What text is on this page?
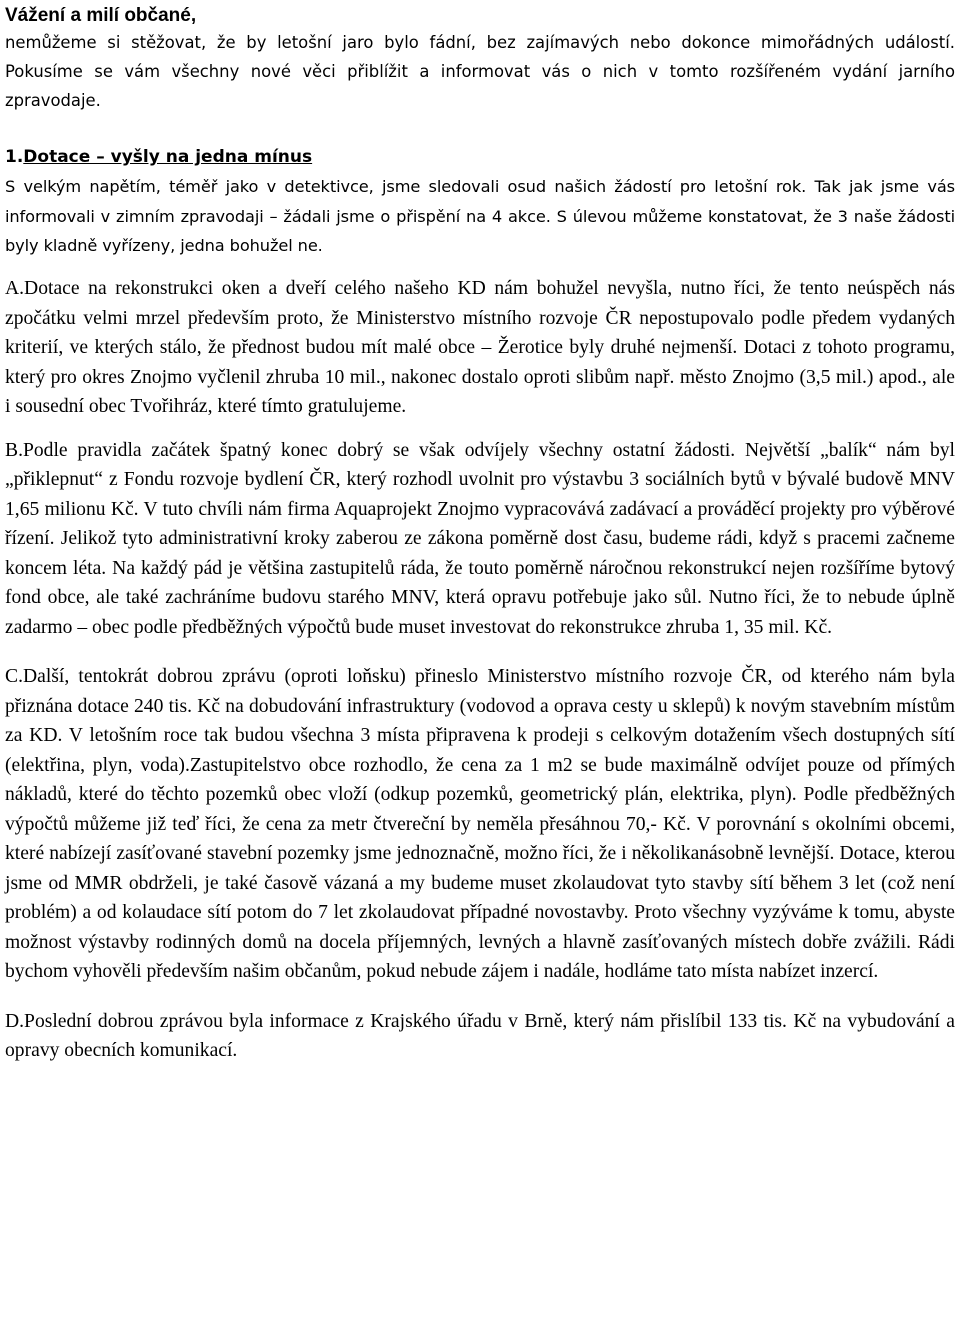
Vážení a milí občané,

nemůžeme si stěžovat, že by letošní jaro bylo fádní, bez zajímavých nebo dokonce mimořádných událostí. Pokusíme se vám všechny nové věci přiblížit a informovat vás o nich v tomto rozšířeném vydání jarního zpravodaje.

1.Dotace – vyšly na jedna mínus

S velkým napětím, téměř jako v detektivce, jsme sledovali osud našich žádostí pro letošní rok. Tak jak jsme vás informovali v zimním zpravodaji – žádali jsme o přispění na 4 akce. S úlevou můžeme konstatovat, že 3 naše žádosti byly kladně vyřízeny, jedna bohužel ne.

A.Dotace na rekonstrukci oken a dveří celého našeho KD nám bohužel nevyšla, nutno říci, že tento neúspěch nás zpočátku velmi mrzel především proto, že Ministerstvo místního rozvoje ČR nepostupovalo podle předem vydaných kriterií, ve kterých stálo, že přednost budou mít malé obce – Žerotice byly druhé nejmenší. Dotaci z tohoto programu, který pro okres Znojmo vyčlenil zhruba 10 mil., nakonec dostalo oproti slibům např. město Znojmo (3,5 mil.) apod., ale i sousední obec Tvořihráz, které tímto gratulujeme.

B.Podle pravidla začátek špatný konec dobrý se však odvíjely všechny ostatní žádosti. Největší „balík“ nám byl „přiklepnut“ z Fondu rozvoje bydlení ČR, který rozhodl uvolnit pro výstavbu 3 sociálních bytů v bývalé budově MNV 1,65 milionu Kč. V tuto chvíli nám firma Aquaprojekt Znojmo vypracovává zadávací a prováděcí projekty pro výběrové řízení. Jelikož tyto administrativní kroky zaberou ze zákona poměrně dost času, budeme rádi, když s pracemi začneme koncem léta. Na každý pád je většina zastupitelů ráda, že touto poměrně náročnou rekonstrukcí nejen rozšíříme bytový fond obce, ale také zachráníme budovu starého MNV, která opravu potřebuje jako sůl. Nutno říci, že to nebude úplně zadarmo – obec podle předběžných výpočtů bude muset investovat do rekonstrukce zhruba 1, 35 mil. Kč.

C.Další, tentokrát dobrou zprávu (oproti loňsku) přineslo Ministerstvo místního rozvoje ČR, od kterého nám byla přiznána dotace 240 tis. Kč na dobudování infrastruktury (vodovod a oprava cesty u sklepů) k novým stavebním místům za KD. V letošním roce tak budou všechna 3 místa připravena k prodeji s celkovým dotažením všech dostupných sítí (elektřina, plyn, voda).Zastupitelstvo obce rozhodlo, že cena za 1 m2 se bude maximálně odvíjet pouze od přímých nákladů, které do těchto pozemků obec vloží (odkup pozemků, geometrický plán, elektrika, plyn). Podle předběžných výpočtů můžeme již teď říci, že cena za metr čtvereční by neměla přesáhnou 70,- Kč. V porovnání s okolními obcemi, které nabízejí zasíťované stavební pozemky jsme jednoznačně, možno říci, že i několikanásobně levnější. Dotace, kterou jsme od MMR obdrželi, je také časově vázaná a my budeme muset zkolaudovat tyto stavby sítí během 3 let (což není problém) a od kolaudace sítí potom do 7 let zkolaudovat případné novostavby. Proto všechny vyzýváme k tomu, abyste možnost výstavby rodinných domů na docela příjemných, levných a hlavně zasíťovaných místech dobře zvážili. Rádi bychom vyhověli především našim občanům, pokud nebude zájem i nadále, hodláme tato místa nabízet inzercí.

D.Poslední dobrou zprávou byla informace z Krajského úřadu v Brně, který nám přislíbil 133 tis. Kč na vybudování a opravy obecních komunikací.
